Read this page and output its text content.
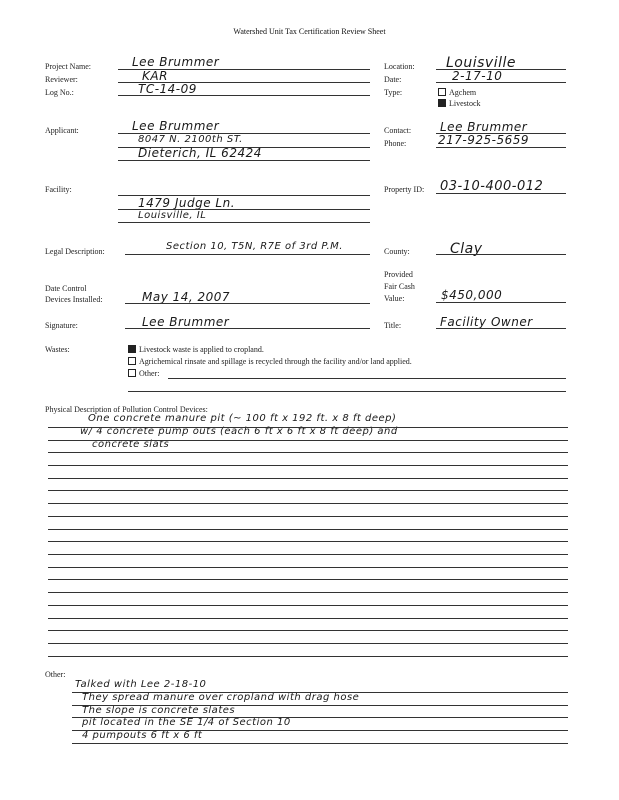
Watershed Unit Tax Certification Review Sheet
Project Name:	Lee Brummer
Reviewer:	KAR
Log No.:	TC-14-09
Location: Louisville
Date:	2-17-10
Type:	Agchem
Livestock
Applicant:	Lee Brummer
8047 N. 2100th ST.
Dieterich, IL 62424
Contact: Lee Brummer
Phone:	217-925-5659
Facility:
1479 Judge Ln.
Louisville, IL
Property ID: 03-10-400-012
Legal Description:	Section 10, T5N, R7E of 3rd P.M.	County:	Clay
Date Control
Devices Installed:	May 14, 2007
Provided
Fair Cash
Value:	$450,000
Signature:	Lee Brummer	Title:	Facility Owner
Wastes:	Livestock waste is applied to cropland.
Agrichemical rinsate and spillage is recycled through the facility and/or land applied.
Other:
Physical Description of Pollution Control Devices:
One concrete manure pit (~ 100 ft x 192 ft. x 8 ft deep)
w/ 4 concrete pump outs (each 6 ft x 6 ft x 8 ft deep) and
concrete slats
Other:
Talked with Lee 2-18-10
They spread manure over cropland with drag hose
The slope is concrete slates
pit located in the SE 1/4 of Section 10
4 pumpouts 6 ft x 6 ft
